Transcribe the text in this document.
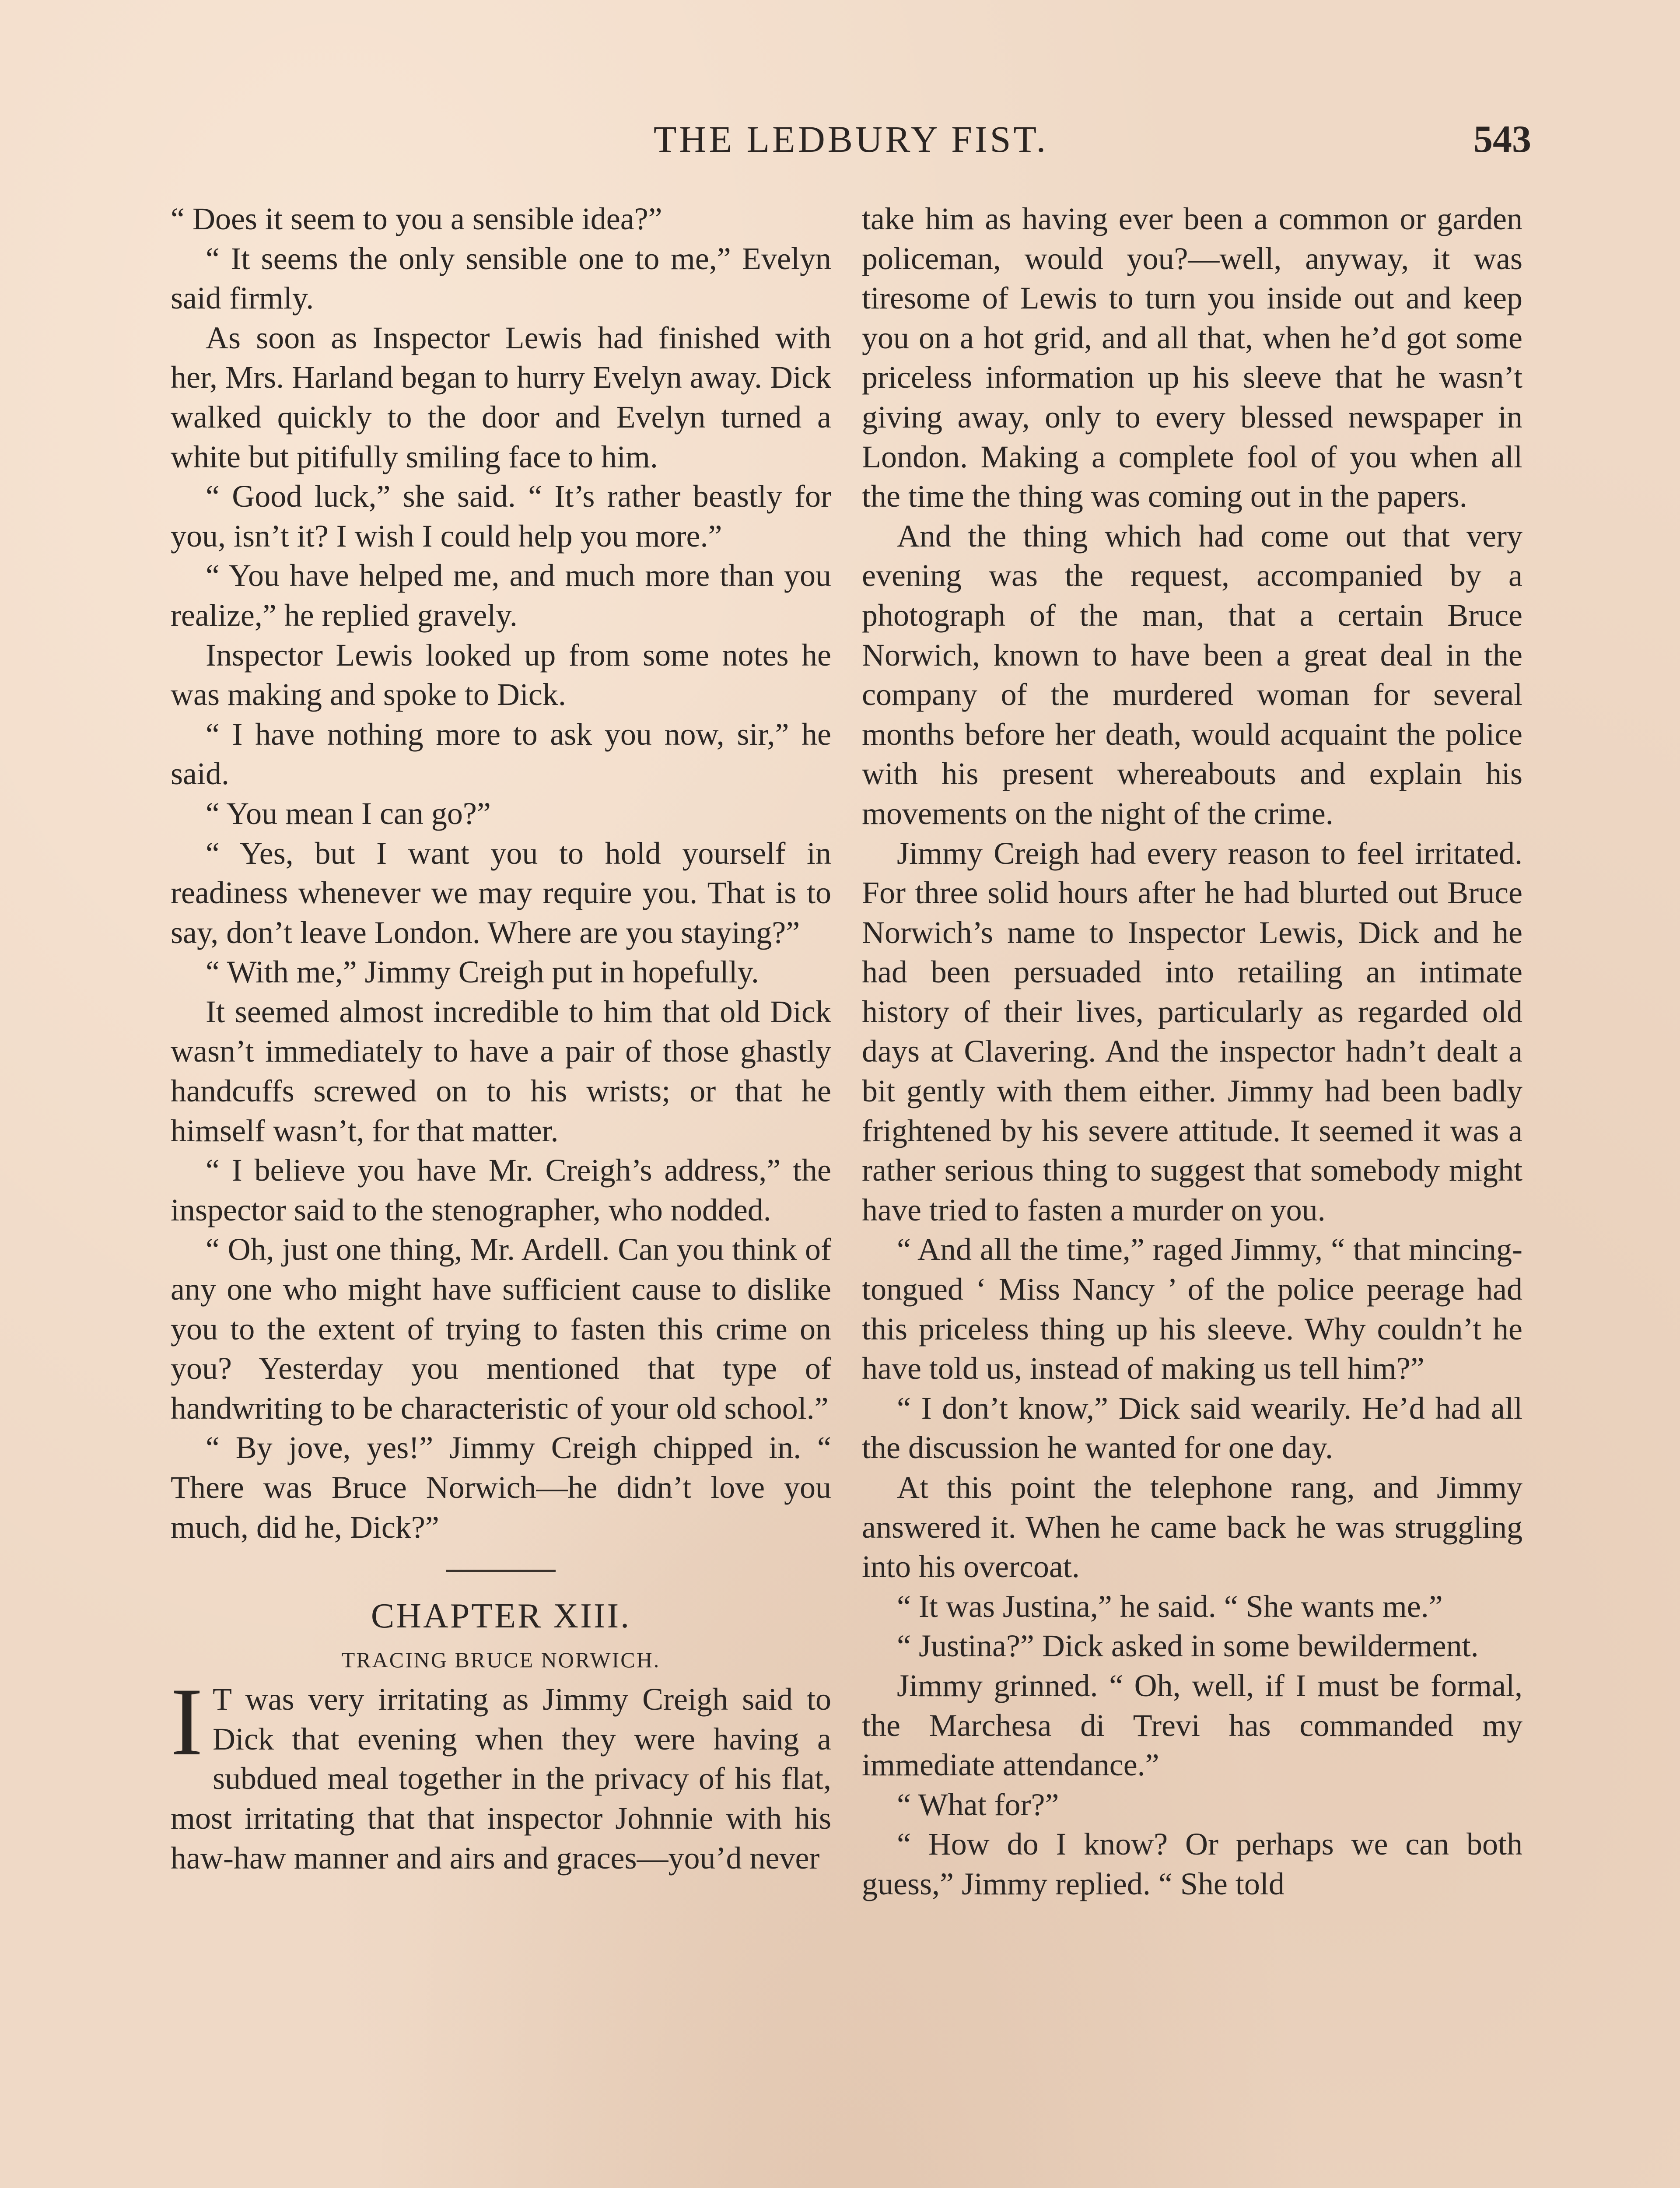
THE LEDBURY FIST.	543

“ Does it seem to you a sensible idea?”

“ It seems the only sensible one to me,” Evelyn said firmly.

As soon as Inspector Lewis had finished with her, Mrs. Harland began to hurry Evelyn away. Dick walked quickly to the door and Evelyn turned a white but pitifully smiling face to him.

“ Good luck,” she said. “ It’s rather beastly for you, isn’t it? I wish I could help you more.”

“ You have helped me, and much more than you realize,” he replied gravely.

Inspector Lewis looked up from some notes he was making and spoke to Dick.

“ I have nothing more to ask you now, sir,” he said.

“ You mean I can go?”

“ Yes, but I want you to hold yourself in readiness whenever we may require you. That is to say, don’t leave London. Where are you staying?”

“ With me,” Jimmy Creigh put in hopefully.

It seemed almost incredible to him that old Dick wasn’t immediately to have a pair of those ghastly handcuffs screwed on to his wrists; or that he himself wasn’t, for that matter.

“ I believe you have Mr. Creigh’s address,” the inspector said to the stenographer, who nodded.

“ Oh, just one thing, Mr. Ardell. Can you think of any one who might have sufficient cause to dislike you to the extent of trying to fasten this crime on you? Yesterday you mentioned that type of handwriting to be characteristic of your old school.”

“ By jove, yes!” Jimmy Creigh chipped in. “ There was Bruce Norwich—he didn’t love you much, did he, Dick?”

CHAPTER XIII.

TRACING BRUCE NORWICH.

I T was very irritating as Jimmy Creigh said to Dick that evening when they were having a subdued meal together in the privacy of his flat, most irritating that that inspector Johnnie with his haw-haw manner and airs and graces—you’d never

take him as having ever been a common or garden policeman, would you?—well, anyway, it was tiresome of Lewis to turn you inside out and keep you on a hot grid, and all that, when he’d got some priceless information up his sleeve that he wasn’t giving away, only to every blessed newspaper in London. Making a complete fool of you when all the time the thing was coming out in the papers.

And the thing which had come out that very evening was the request, accompanied by a photograph of the man, that a certain Bruce Norwich, known to have been a great deal in the company of the murdered woman for several months before her death, would acquaint the police with his present whereabouts and explain his movements on the night of the crime.

Jimmy Creigh had every reason to feel irritated. For three solid hours after he had blurted out Bruce Norwich’s name to Inspector Lewis, Dick and he had been persuaded into retailing an intimate history of their lives, particularly as regarded old days at Clavering. And the inspector hadn’t dealt a bit gently with them either. Jimmy had been badly frightened by his severe attitude. It seemed it was a rather serious thing to suggest that somebody might have tried to fasten a murder on you.

“ And all the time,” raged Jimmy, “ that mincing-tongued ‘ Miss Nancy ’ of the police peerage had this priceless thing up his sleeve. Why couldn’t he have told us, instead of making us tell him?”

“ I don’t know,” Dick said wearily. He’d had all the discussion he wanted for one day.

At this point the telephone rang, and Jimmy answered it. When he came back he was struggling into his overcoat.

“ It was Justina,” he said. “ She wants me.”

“ Justina?” Dick asked in some bewilderment.

Jimmy grinned. “ Oh, well, if I must be formal, the Marchesa di Trevi has commanded my immediate attendance.”

“ What for?”

“ How do I know? Or perhaps we can both guess,” Jimmy replied. “ She told
